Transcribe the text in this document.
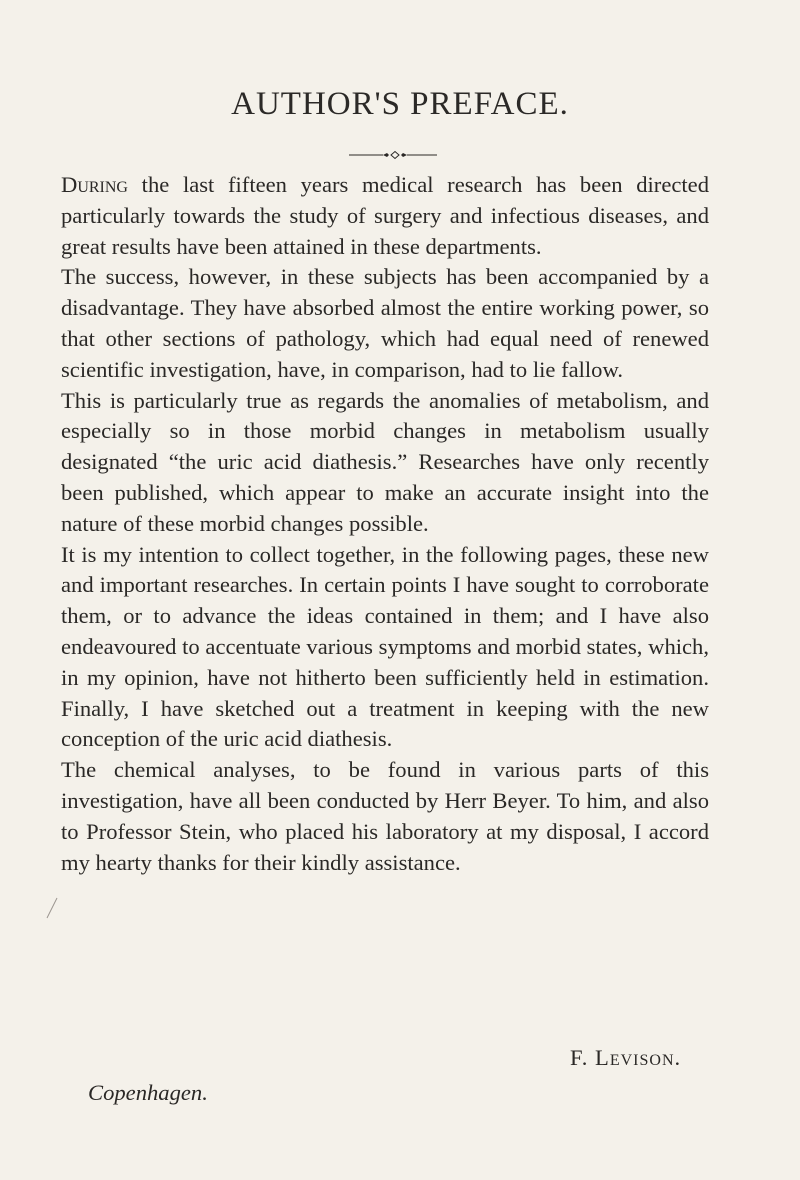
AUTHOR'S PREFACE.

During the last fifteen years medical research has been directed particularly towards the study of surgery and infectious diseases, and great results have been attained in these departments.

The success, however, in these subjects has been accompanied by a disadvantage. They have absorbed almost the entire working power, so that other sections of pathology, which had equal need of renewed scientific investigation, have, in comparison, had to lie fallow.

This is particularly true as regards the anomalies of metabolism, and especially so in those morbid changes in metabolism usually designated “the uric acid diathesis.” Researches have only recently been published, which appear to make an accurate insight into the nature of these morbid changes possible.

It is my intention to collect together, in the following pages, these new and important researches. In certain points I have sought to corroborate them, or to advance the ideas contained in them; and I have also endeavoured to accentuate various symptoms and morbid states, which, in my opinion, have not hitherto been sufficiently held in estimation. Finally, I have sketched out a treatment in keeping with the new conception of the uric acid diathesis.

The chemical analyses, to be found in various parts of this investigation, have all been conducted by Herr Beyer. To him, and also to Professor Stein, who placed his laboratory at my disposal, I accord my hearty thanks for their kindly assistance.

F. Levison.
Copenhagen.
